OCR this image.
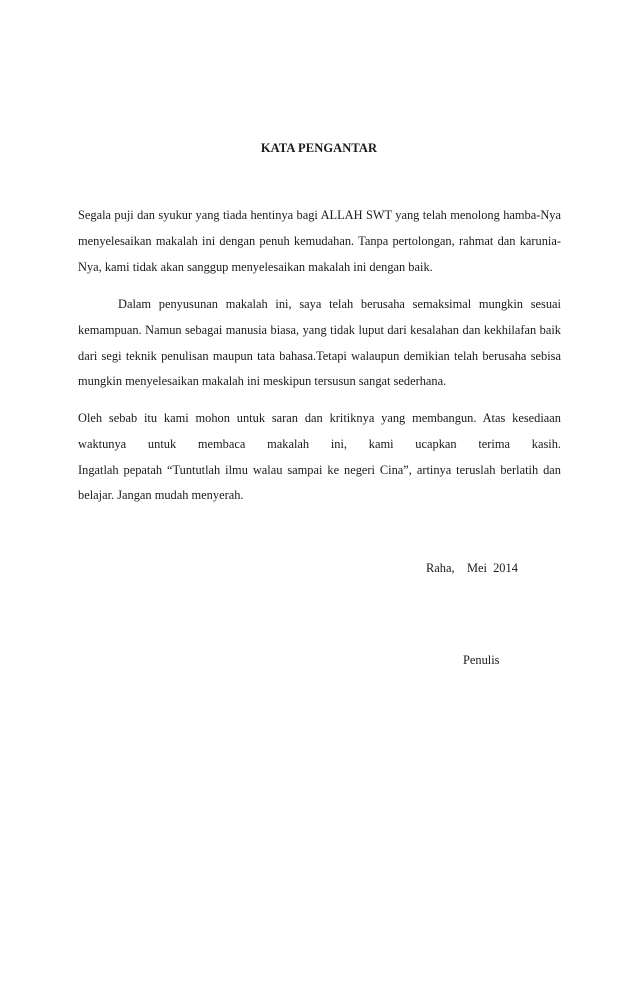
KATA PENGANTAR

Segala puji dan syukur yang tiada hentinya bagi ALLAH SWT yang telah menolong hamba-Nya menyelesaikan makalah ini dengan penuh kemudahan. Tanpa pertolongan, rahmat dan karunia-Nya, kami tidak akan sanggup menyelesaikan makalah ini dengan baik.

Dalam penyusunan makalah ini, saya telah berusaha semaksimal mungkin sesuai kemampuan. Namun sebagai manusia biasa, yang tidak luput dari kesalahan dan kekhilafan baik dari segi teknik penulisan maupun tata bahasa.Tetapi walaupun demikian telah berusaha sebisa mungkin menyelesaikan makalah ini meskipun tersusun sangat sederhana.

Oleh sebab itu kami mohon untuk saran dan kritiknya yang membangun. Atas kesediaan
waktunya untuk membaca makalah ini, kami ucapkan terima kasih.
Ingatlah pepatah “Tuntutlah ilmu walau sampai ke negeri Cina”, artinya teruslah berlatih dan belajar. Jangan mudah menyerah.

Raha,    Mei  2014

Penulis
